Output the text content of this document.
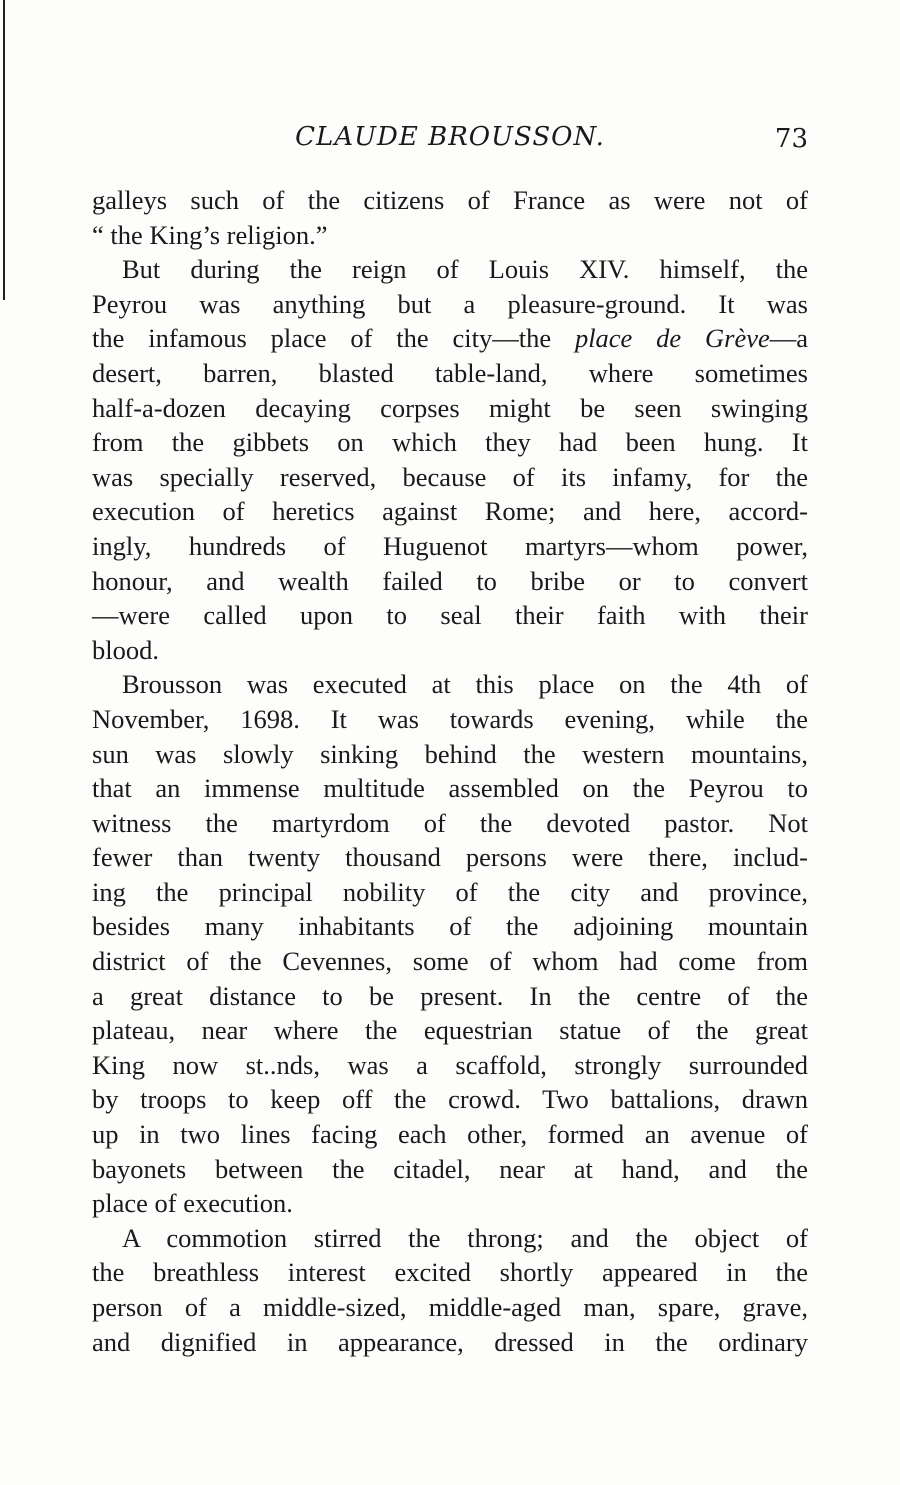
CLAUDE BROUSSON.	73
galleys such of the citizens of France as were not of
“ the King’s religion.”
But during the reign of Louis XIV. himself, the
Peyrou was anything but a pleasure-ground. It was
the infamous place of the city—the place de Grève—a
desert, barren, blasted table-land, where sometimes
half-a-dozen decaying corpses might be seen swinging
from the gibbets on which they had been hung. It
was specially reserved, because of its infamy, for the
execution of heretics against Rome; and here, accord-
ingly, hundreds of Huguenot martyrs—whom power,
honour, and wealth failed to bribe or to convert
—were called upon to seal their faith with their
blood.
Brousson was executed at this place on the 4th of
November, 1698. It was towards evening, while the
sun was slowly sinking behind the western mountains,
that an immense multitude assembled on the Peyrou to
witness the martyrdom of the devoted pastor. Not
fewer than twenty thousand persons were there, includ-
ing the principal nobility of the city and province,
besides many inhabitants of the adjoining mountain
district of the Cevennes, some of whom had come from
a great distance to be present. In the centre of the
plateau, near where the equestrian statue of the great
King now st..nds, was a scaffold, strongly surrounded
by troops to keep off the crowd. Two battalions, drawn
up in two lines facing each other, formed an avenue of
bayonets between the citadel, near at hand, and the
place of execution.
A commotion stirred the throng; and the object of
the breathless interest excited shortly appeared in the
person of a middle-sized, middle-aged man, spare, grave,
and dignified in appearance, dressed in the ordinary
